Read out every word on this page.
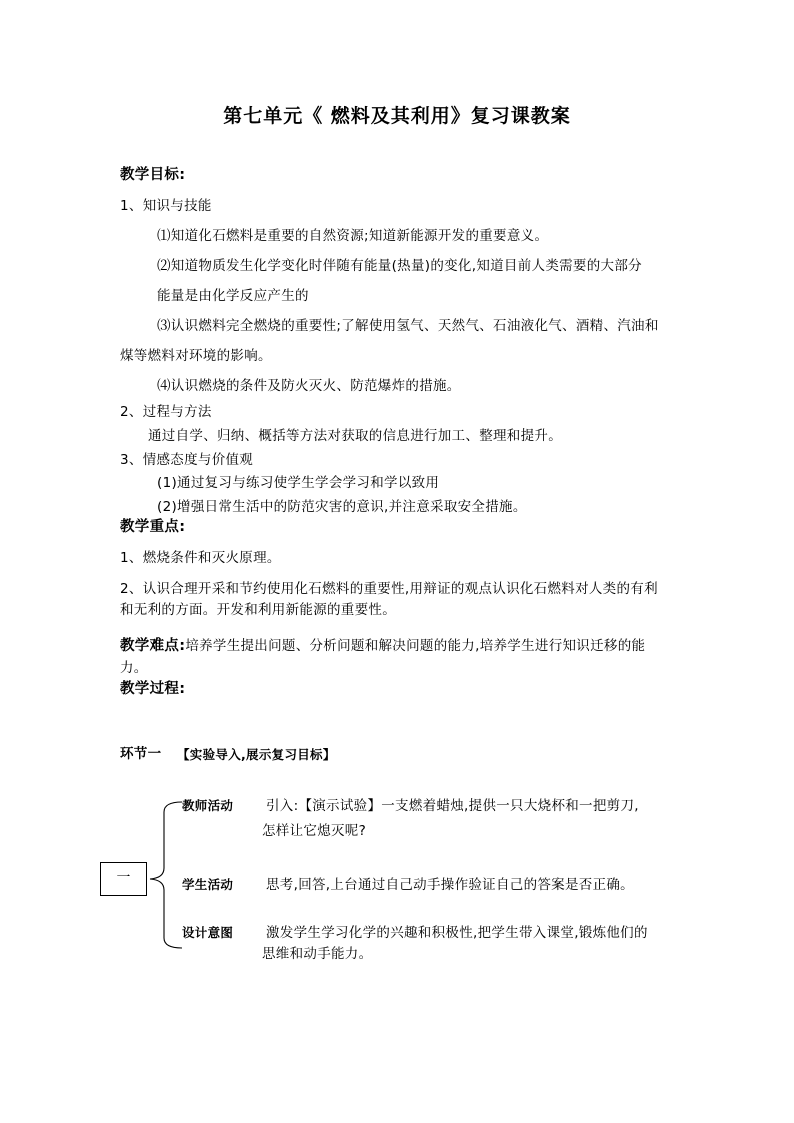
第七单元《 燃料及其利用》复习课教案
教学目标:
1、知识与技能
⑴知道化石燃料是重要的自然资源;知道新能源开发的重要意义。
⑵知道物质发生化学变化时伴随有能量(热量)的变化,知道目前人类需要的大部分
能量是由化学反应产生的
⑶认识燃料完全燃烧的重要性;了解使用氢气、天然气、石油液化气、酒精、汽油和
煤等燃料对环境的影响。
⑷认识燃烧的条件及防火灭火、防范爆炸的措施。
2、过程与方法
通过自学、归纳、概括等方法对获取的信息进行加工、整理和提升。
3、情感态度与价值观
(1)通过复习与练习使学生学会学习和学以致用
(2)增强日常生活中的防范灾害的意识,并注意采取安全措施。
教学重点:
1、燃烧条件和灭火原理。
2、认识合理开采和节约使用化石燃料的重要性,用辩证的观点认识化石燃料对人类的有利
和无利的方面。开发和利用新能源的重要性。
教学难点:培养学生提出问题、分析问题和解决问题的能力,培养学生进行知识迁移的能
力。
教学过程:
环节一 【实验导入,展示复习目标】
一
教师活动 引入:【演示试验】一支燃着蜡烛,提供一只大烧杯和一把剪刀,
怎样让它熄灭呢?
学生活动 思考,回答,上台通过自己动手操作验证自己的答案是否正确。
设计意图 激发学生学习化学的兴趣和积极性,把学生带入课堂,锻炼他们的
思维和动手能力。
